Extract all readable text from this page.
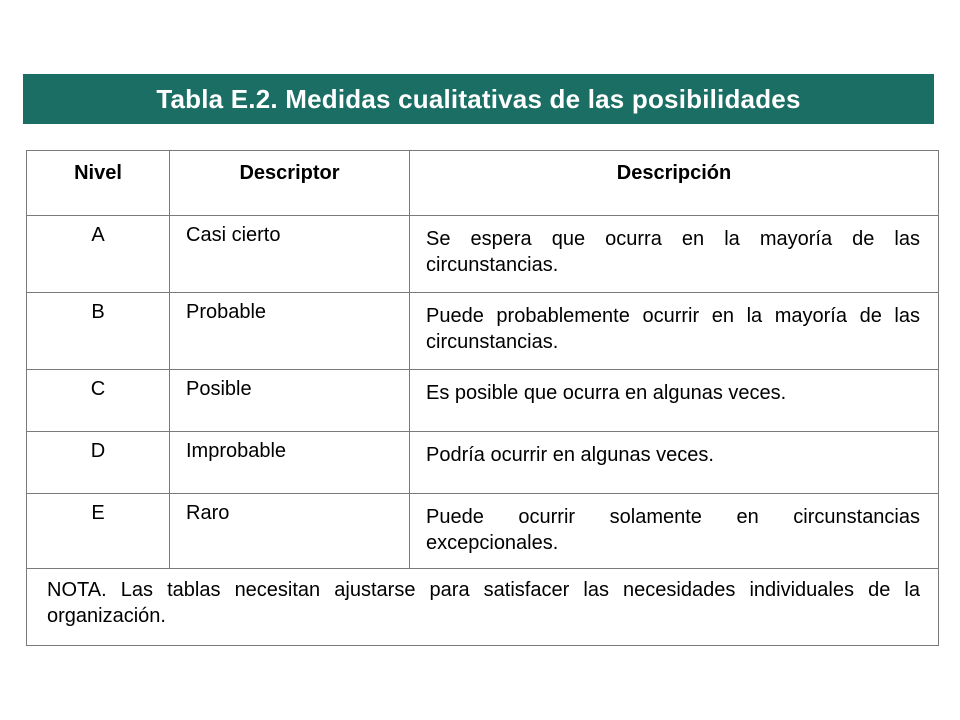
Tabla E.2. Medidas cualitativas de las posibilidades
Nivel	Descriptor	Descripción
A	Casi cierto	Se espera que ocurra en la mayoría de las circunstancias.
B	Probable	Puede probablemente ocurrir en la mayoría de las circunstancias.
C	Posible	Es posible que ocurra en algunas veces.
D	Improbable	Podría ocurrir en algunas veces.
E	Raro	Puede ocurrir solamente en circunstancias excepcionales.
NOTA. Las tablas necesitan ajustarse para satisfacer las necesidades individuales de la organización.
